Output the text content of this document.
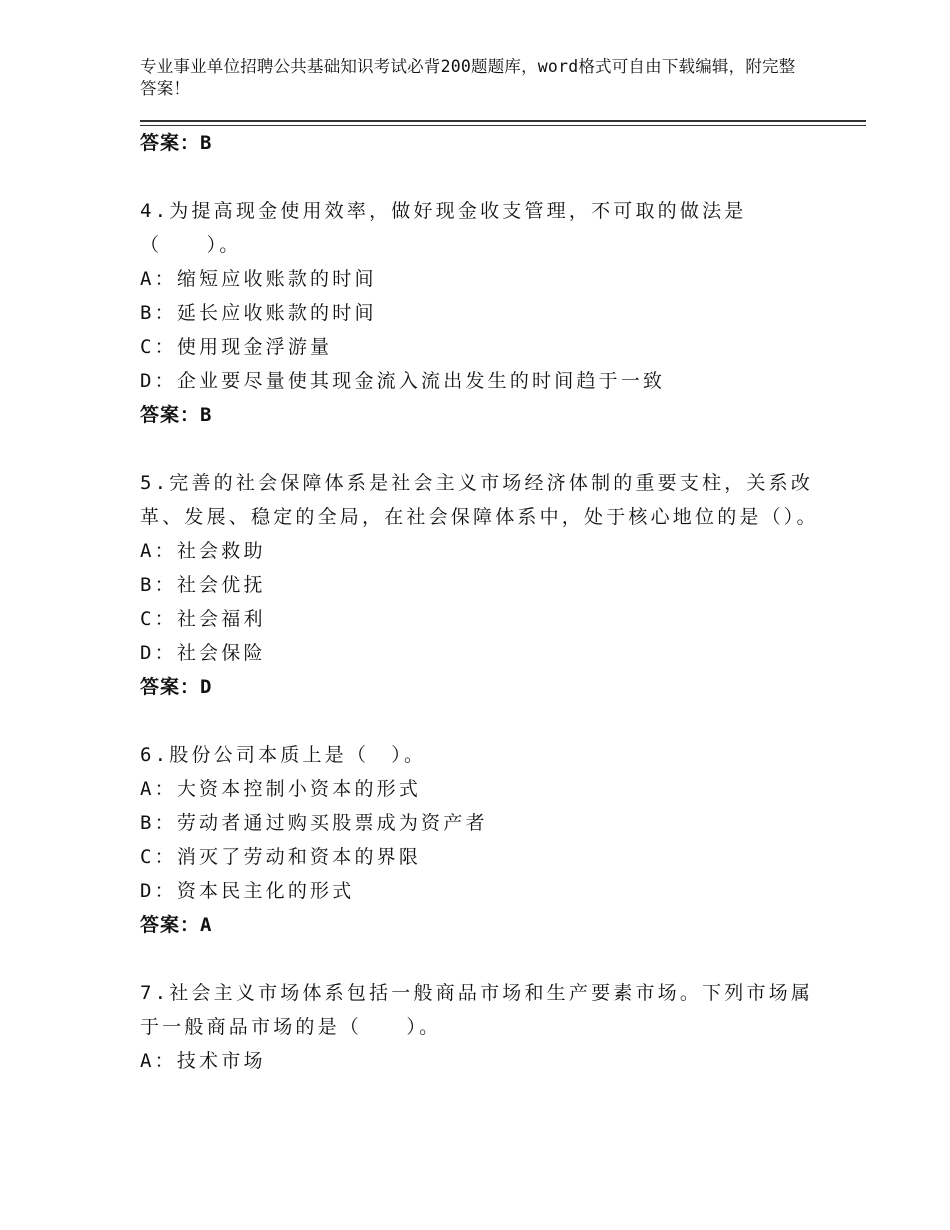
专业事业单位招聘公共基础知识考试必背200题题库，word格式可自由下载编辑，附完整答案！
答案：B
4.为提高现金使用效率，做好现金收支管理，不可取的做法是（　　）。
A：缩短应收账款的时间
B：延长应收账款的时间
C：使用现金浮游量
D：企业要尽量使其现金流入流出发生的时间趋于一致
答案：B
5.完善的社会保障体系是社会主义市场经济体制的重要支柱，关系改革、发展、稳定的全局，在社会保障体系中，处于核心地位的是（）。
A：社会救助
B：社会优抚
C：社会福利
D：社会保险
答案：D
6.股份公司本质上是（　）。
A：大资本控制小资本的形式
B：劳动者通过购买股票成为资产者
C：消灭了劳动和资本的界限
D：资本民主化的形式
答案：A
7.社会主义市场体系包括一般商品市场和生产要素市场。下列市场属于一般商品市场的是（　　）。
A：技术市场
